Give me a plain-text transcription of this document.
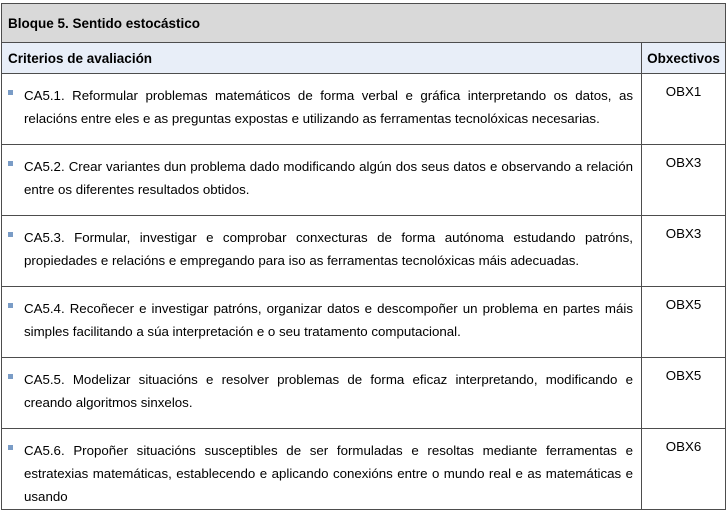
Bloque 5. Sentido estocástico	
Criterios de avaliación	Obxectivos

CA5.1. Reformular problemas matemáticos de forma verbal e gráfica interpretando os datos, as relacións entre eles e as preguntas expostas e utilizando as ferramentas tecnolóxicas necesarias.	OBX1

CA5.2. Crear variantes dun problema dado modificando algún dos seus datos e observando a relación entre os diferentes resultados obtidos.	OBX3

CA5.3. Formular, investigar e comprobar conxecturas de forma autónoma estudando patróns, propiedades e relacións e empregando para iso as ferramentas tecnolóxicas máis adecuadas.	OBX3

CA5.4. Recoñecer e investigar patróns, organizar datos e descompoñer un problema en partes máis simples facilitando a súa interpretación e o seu tratamento computacional.	OBX5

CA5.5. Modelizar situacións e resolver problemas de forma eficaz interpretando, modificando e creando algoritmos sinxelos.	OBX5

CA5.6. Propoñer situacións susceptibles de ser formuladas e resoltas mediante ferramentas e estratexias matemáticas, establecendo e aplicando conexións entre o mundo real e as matemáticas e usando	OBX6
